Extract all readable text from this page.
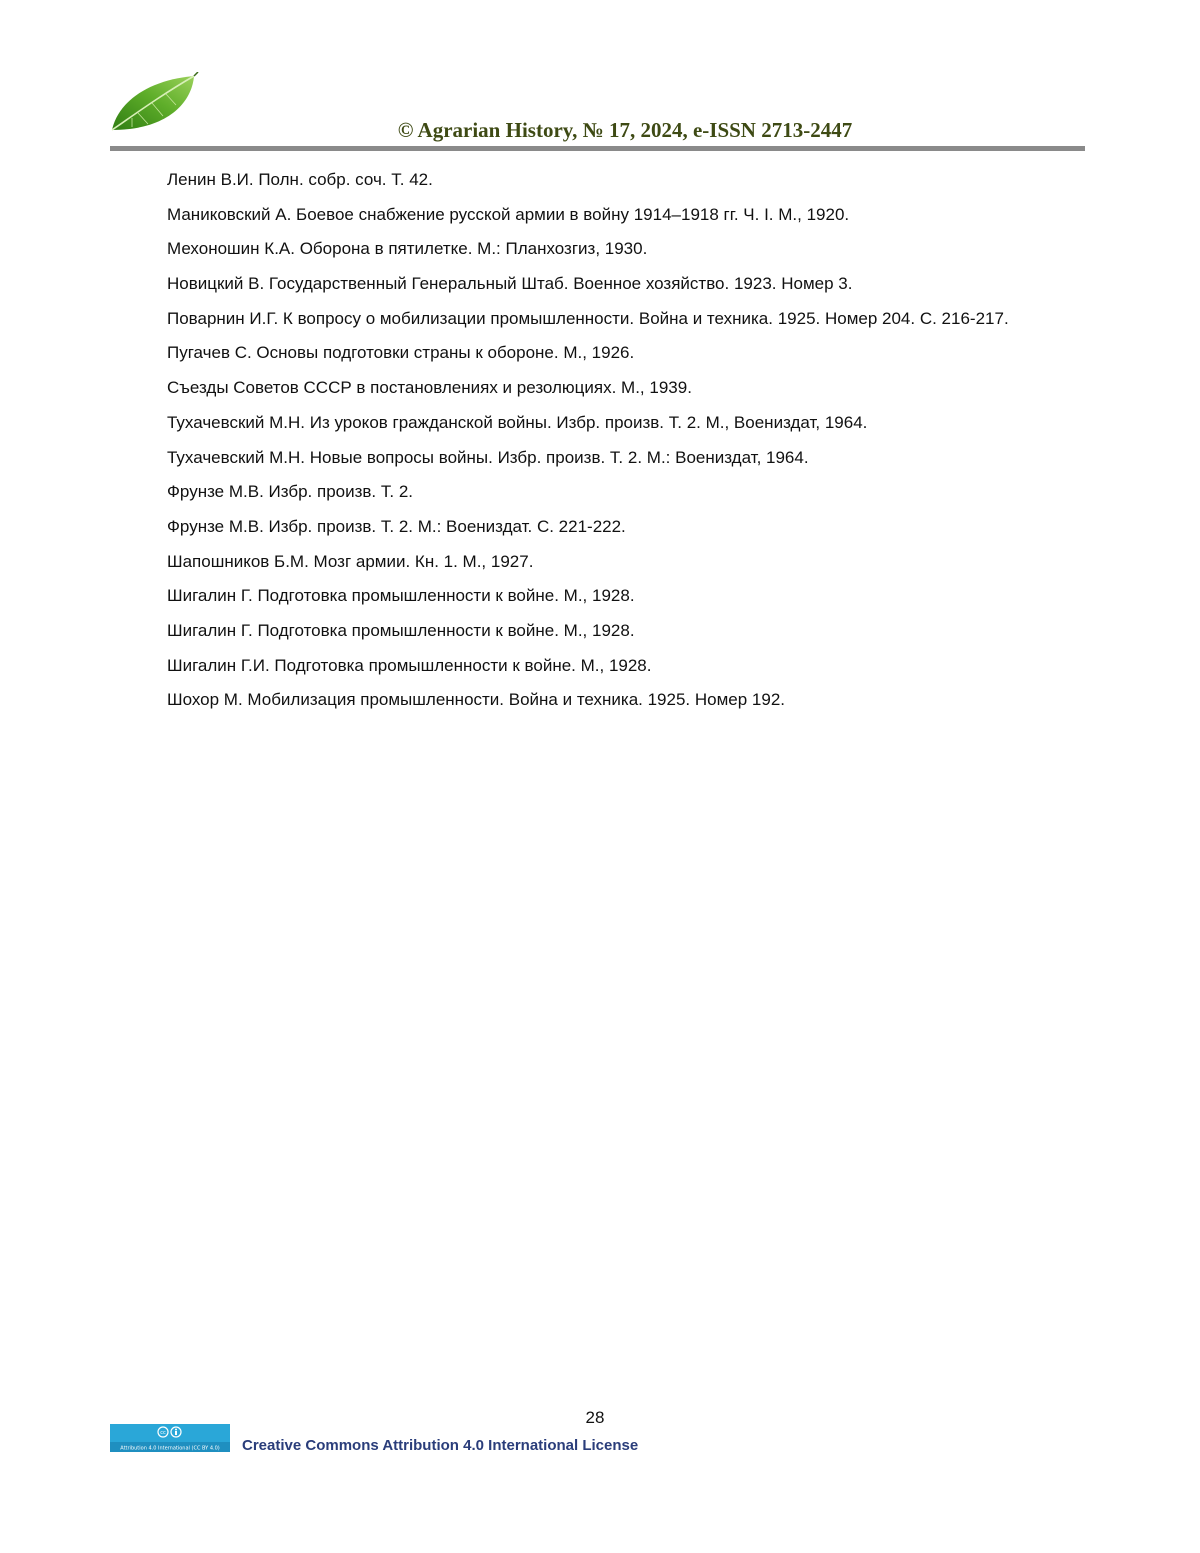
© Agrarian History, № 17, 2024, e-ISSN 2713-2447

Ленин В.И. Полн. собр. соч. Т. 42.

Маниковский А. Боевое снабжение русской армии в войну 1914–1918 гг. Ч. I. М., 1920.

Мехоношин К.А. Оборона в пятилетке. М.: Планхозгиз, 1930.

Новицкий В. Государственный Генеральный Штаб. Военное хозяйство. 1923. Номер 3.

Поварнин И.Г. К вопросу о мобилизации промышленности. Война и техника. 1925. Номер 204. С. 216-217.

Пугачев С. Основы подготовки страны к обороне. М., 1926.

Съезды Советов СССР в постановлениях и резолюциях. М., 1939.

Тухачевский М.Н. Из уроков гражданской войны. Избр. произв. Т. 2. М., Воениздат, 1964.

Тухачевский М.Н. Новые вопросы войны. Избр. произв. Т. 2. М.: Воениздат, 1964.

Фрунзе М.В. Избр. произв. Т. 2.

Фрунзе М.В. Избр. произв. Т. 2. М.: Воениздат. С. 221-222.

Шапошников Б.М. Мозг армии. Кн. 1. М., 1927.

Шигалин Г. Подготовка промышленности к войне. М., 1928.

Шигалин Г. Подготовка промышленности к войне. М., 1928.

Шигалин Г.И. Подготовка промышленности к войне. М., 1928.

Шохор М. Мобилизация промышленности. Война и техника. 1925. Номер 192.

28
cc
Attribution 4.0 International (CC BY 4.0) Creative Commons Attribution 4.0 International License
